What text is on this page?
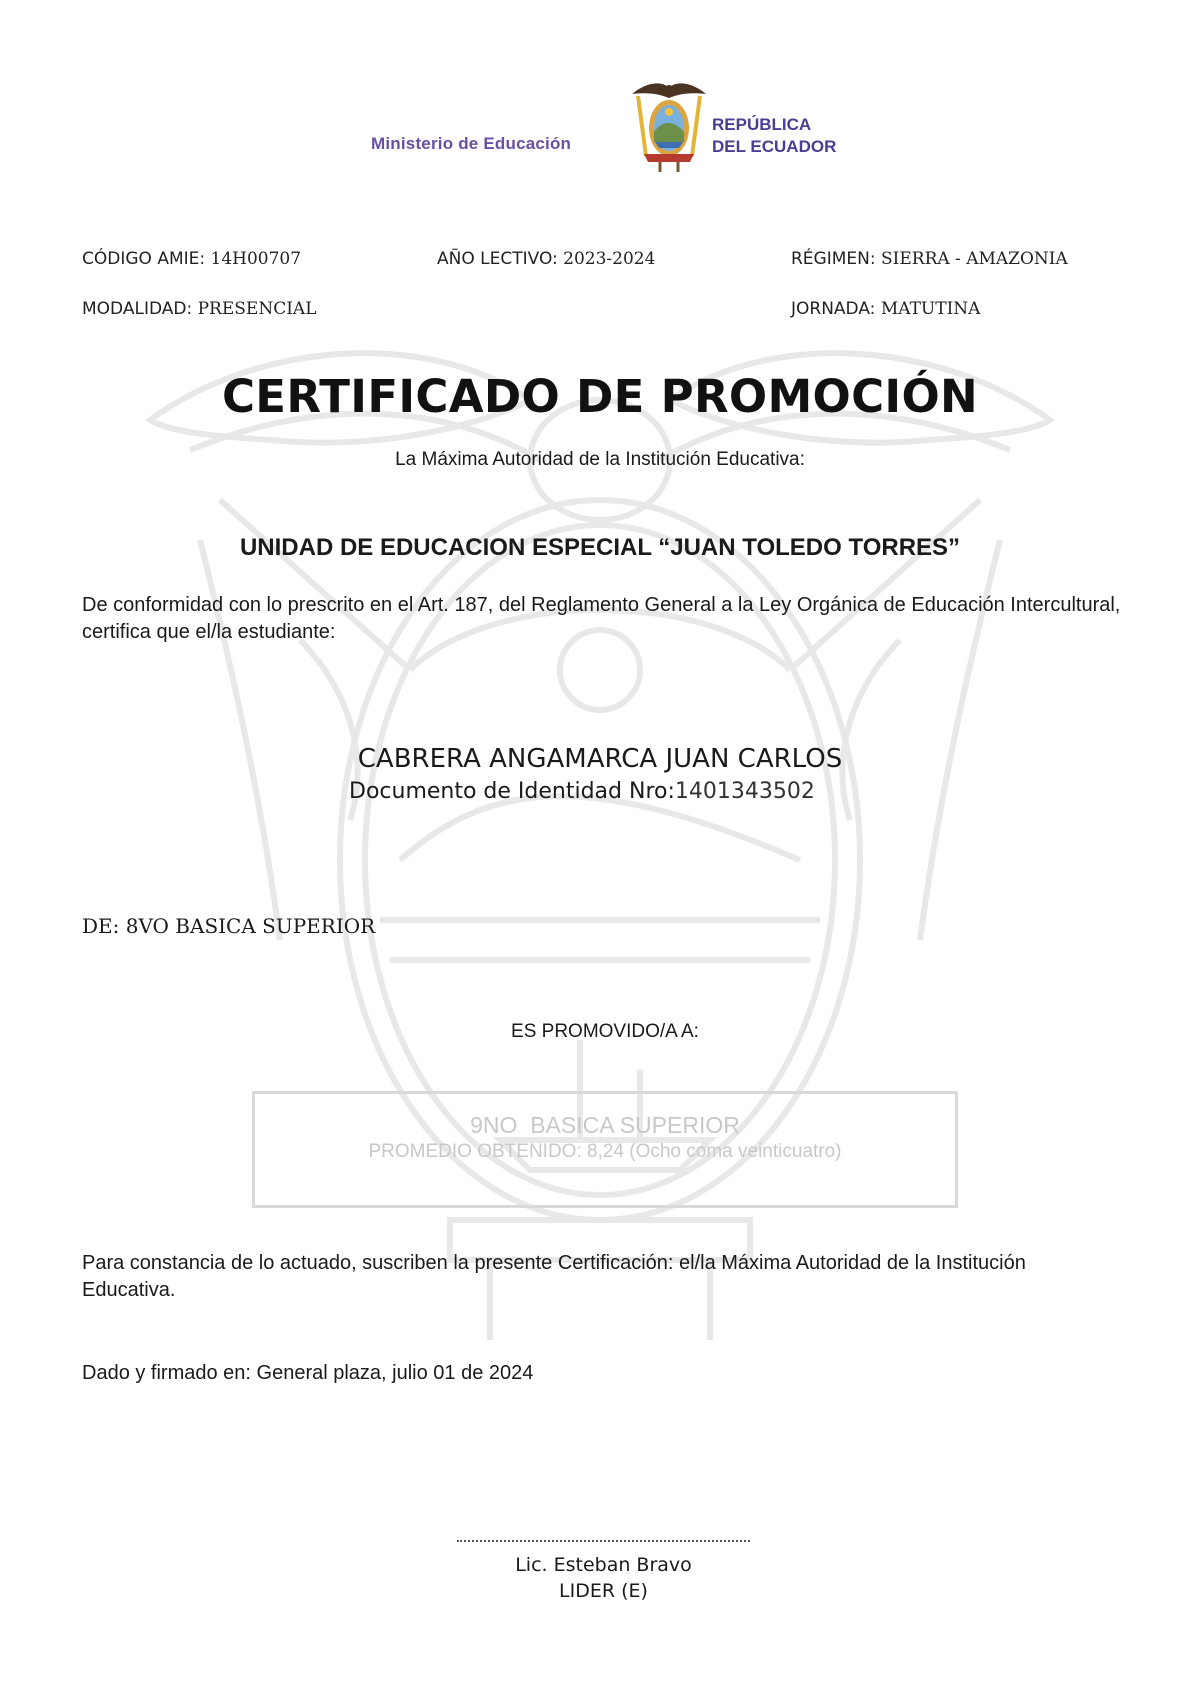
Ministerio de Educación
REPÚBLICA
DEL ECUADOR
CÓDIGO AMIE: 14H00707	AÑO LECTIVO: 2023-2024	RÉGIMEN: SIERRA - AMAZONIA
MODALIDAD: PRESENCIAL	JORNADA: MATUTINA
CERTIFICADO DE PROMOCIÓN
La Máxima Autoridad de la Institución Educativa:
UNIDAD DE EDUCACION ESPECIAL “JUAN TOLEDO TORRES”
De conformidad con lo prescrito en el Art. 187, del Reglamento General a la Ley Orgánica de Educación Intercultural, certifica que el/la estudiante:
CABRERA ANGAMARCA JUAN CARLOS
Documento de Identidad Nro:1401343502
DE: 8VO BASICA SUPERIOR
ES PROMOVIDO/A A:
9NO  BASICA SUPERIOR
PROMEDIO OBTENIDO: 8,24 (Ocho coma veinticuatro)
Para constancia de lo actuado, suscriben la presente Certificación: el/la Máxima Autoridad de la Institución Educativa.
Dado y firmado en: General plaza, julio 01 de 2024
Lic. Esteban Bravo
LIDER (E)
